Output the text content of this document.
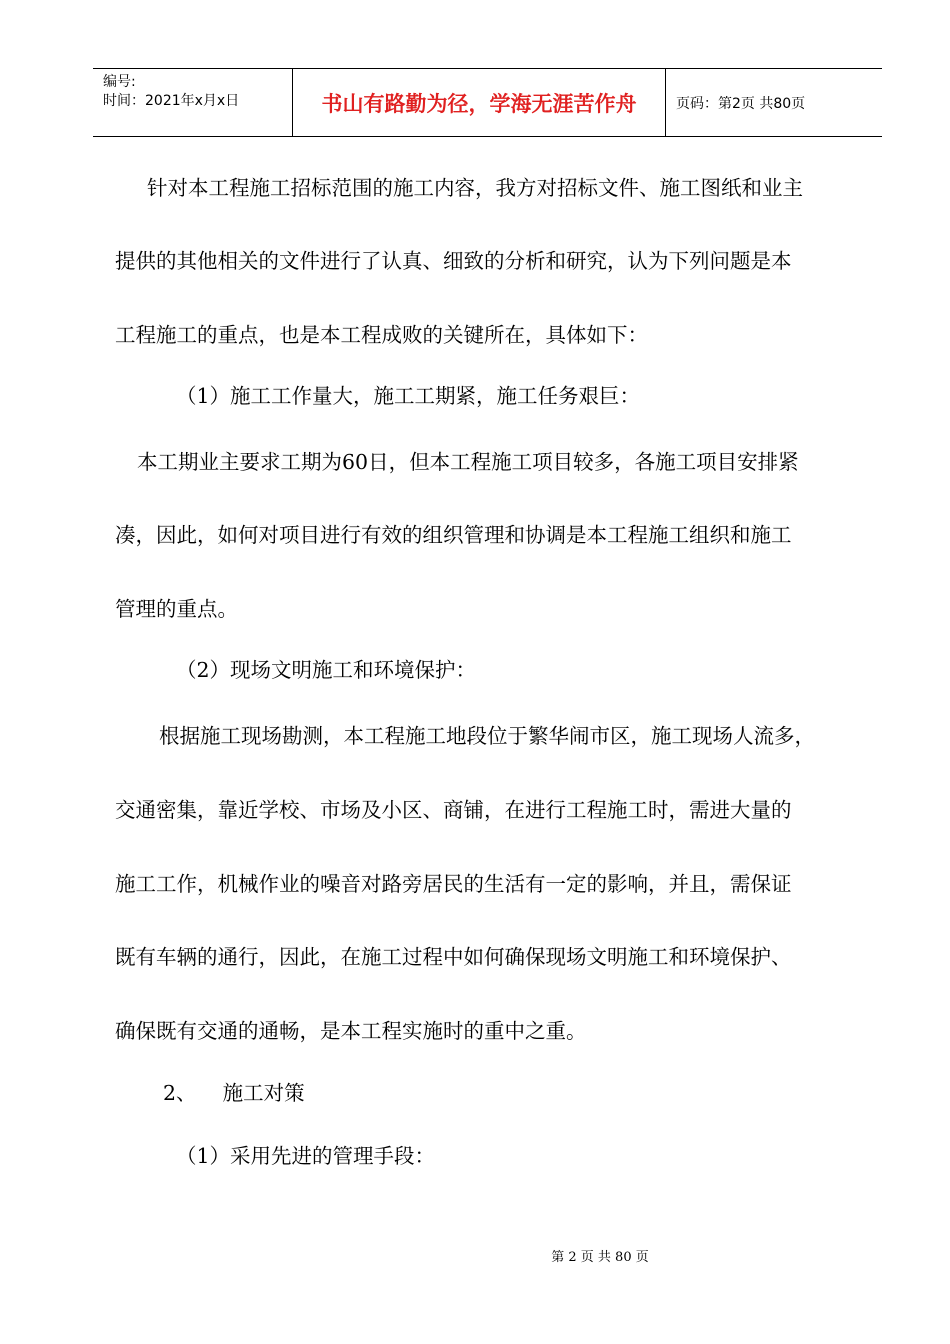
编号:
时间：2021年x月x日	书山有路勤为径，学海无涯苦作舟	页码：第2页 共80页
针对本工程施工招标范围的施工内容，我方对招标文件、施工图纸和业主
提供的其他相关的文件进行了认真、细致的分析和研究，认为下列问题是本
工程施工的重点，也是本工程成败的关键所在，具体如下：
（1）施工工作量大，施工工期紧，施工任务艰巨：
本工期业主要求工期为60日，但本工程施工项目较多，各施工项目安排紧
凑，因此，如何对项目进行有效的组织管理和协调是本工程施工组织和施工
管理的重点。
（2）现场文明施工和环境保护：
根据施工现场勘测，本工程施工地段位于繁华闹市区，施工现场人流多，
交通密集，靠近学校、市场及小区、商铺，在进行工程施工时，需进大量的
施工工作，机械作业的噪音对路旁居民的生活有一定的影响，并且，需保证
既有车辆的通行，因此，在施工过程中如何确保现场文明施工和环境保护、
确保既有交通的通畅，是本工程实施时的重中之重。
2、    施工对策
（1）采用先进的管理手段：
第 2 页 共 80 页
